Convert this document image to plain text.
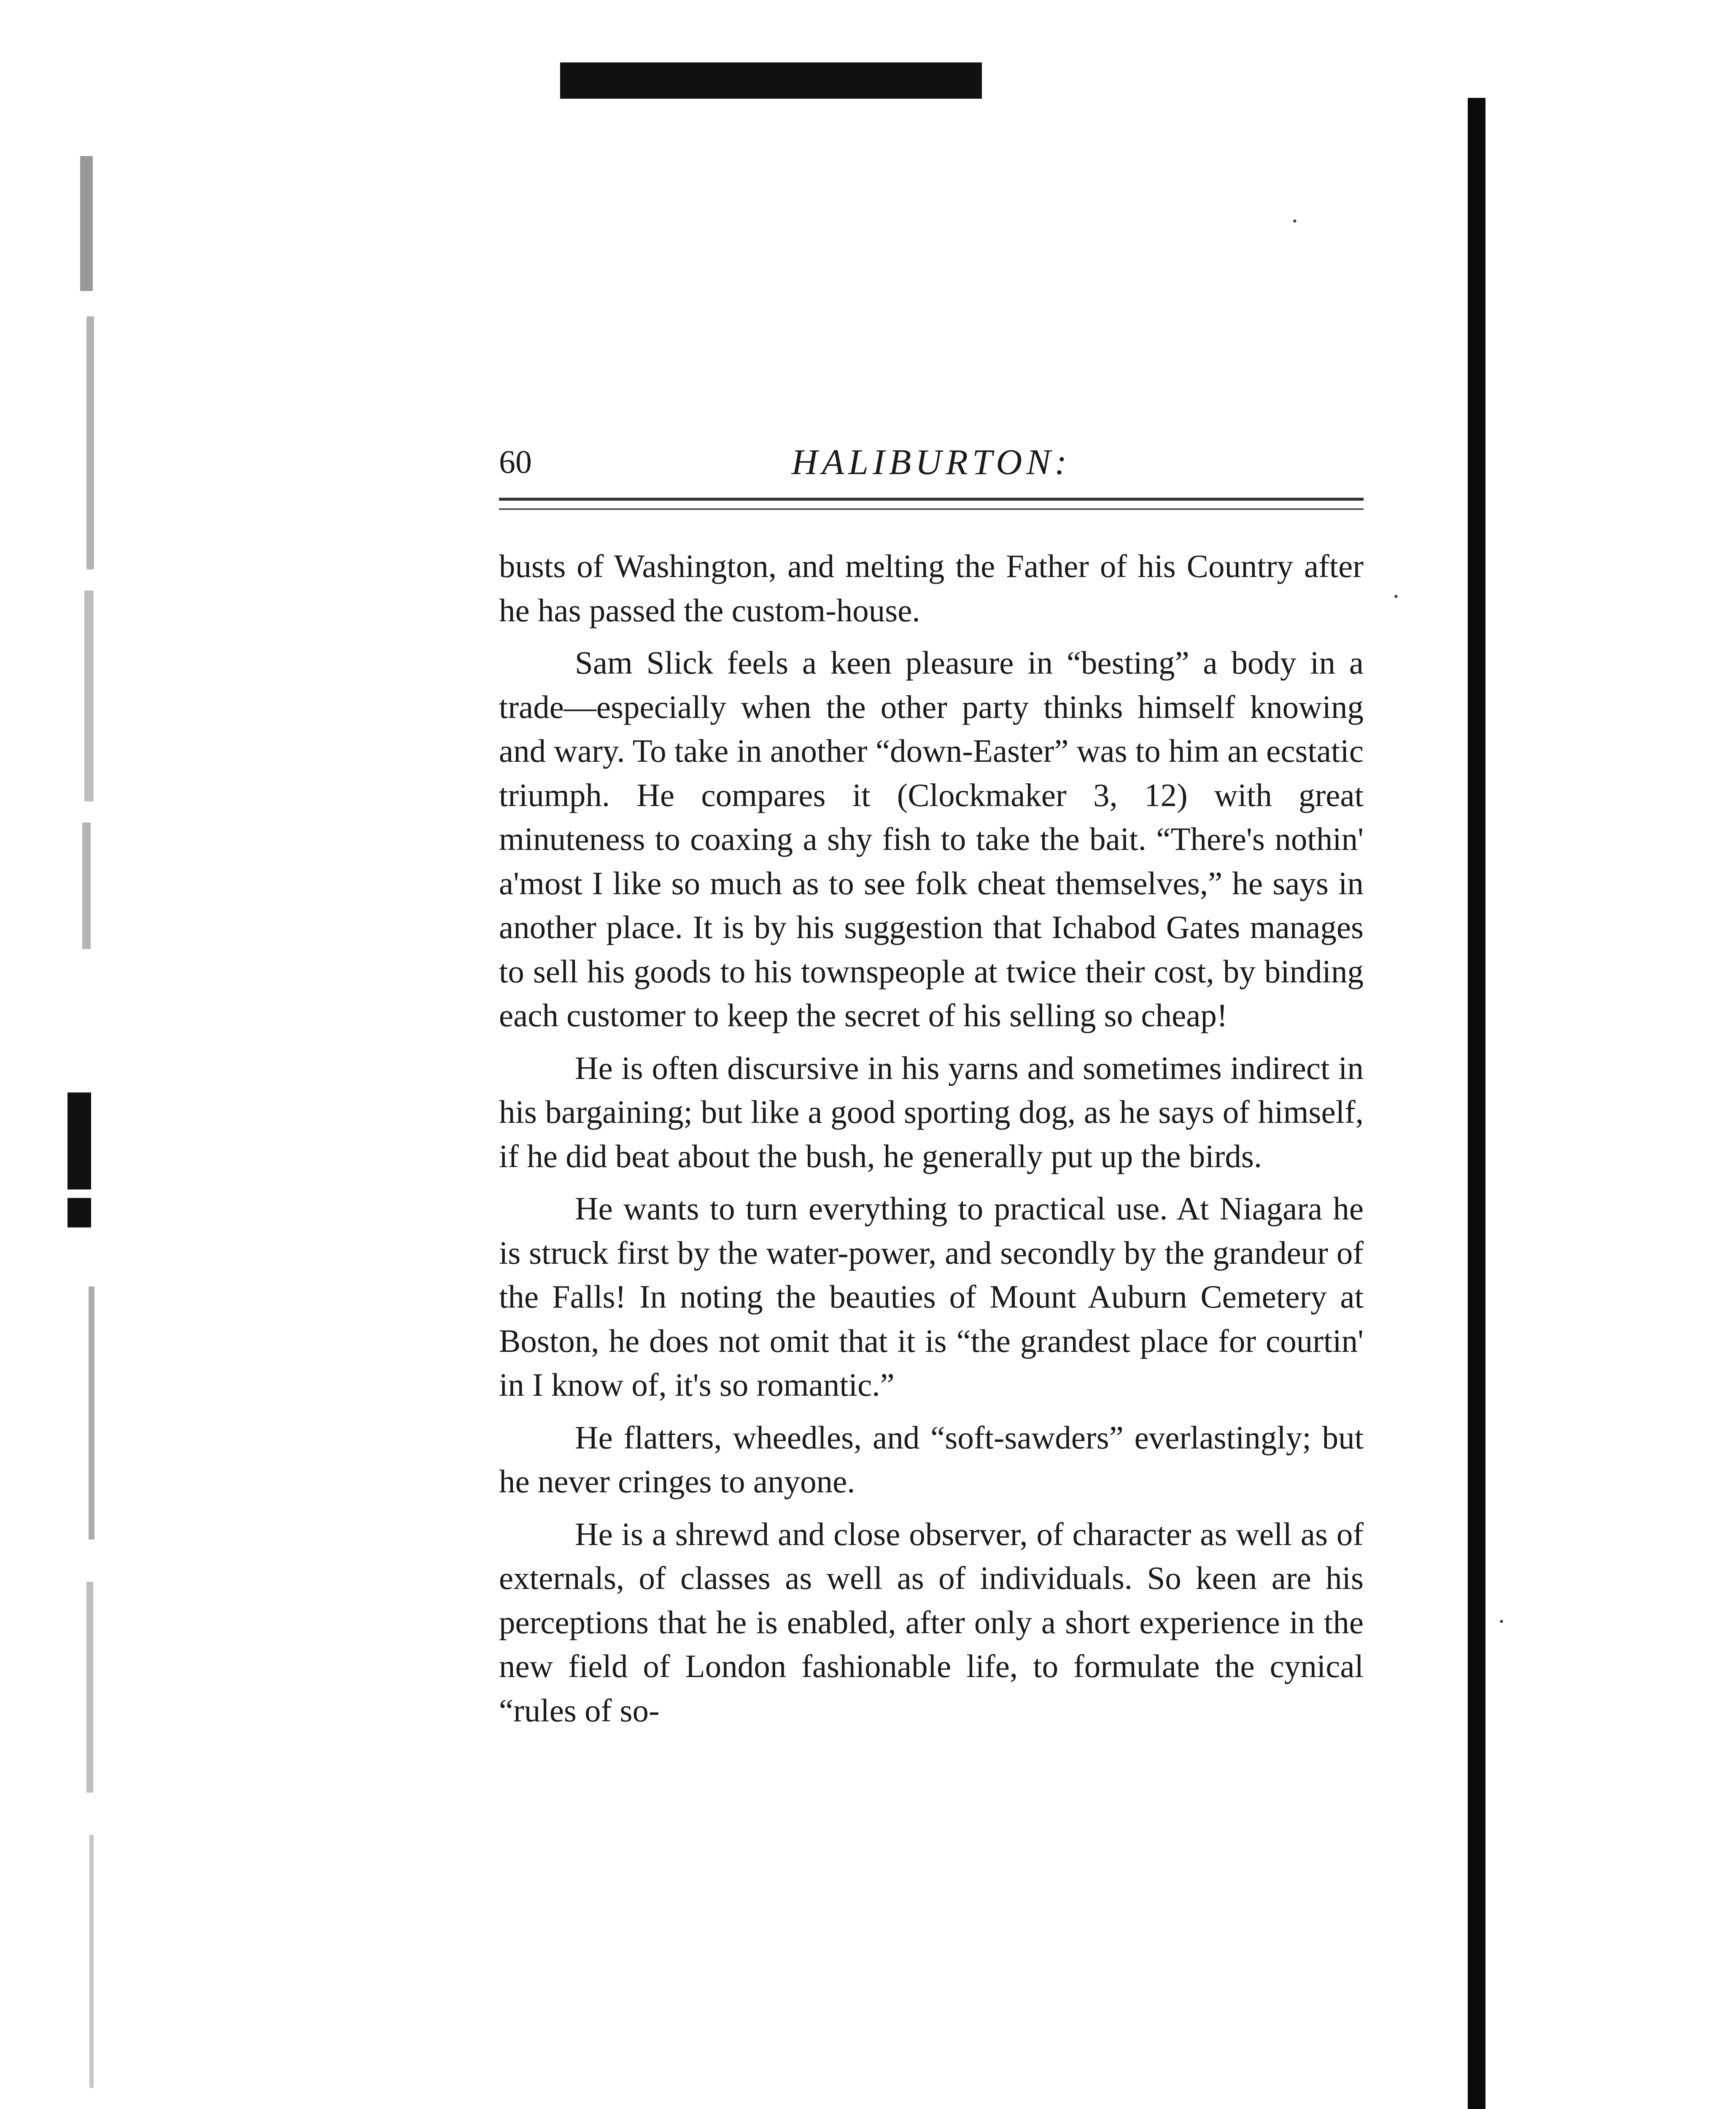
60	HALIBURTON:

busts of Washington, and melting the Father of his Country after he has passed the custom-house.

Sam Slick feels a keen pleasure in “besting” a body in a trade—especially when the other party thinks himself knowing and wary. To take in another “down-Easter” was to him an ecstatic triumph. He compares it (Clockmaker 3, 12) with great minuteness to coaxing a shy fish to take the bait. “There's nothin' a'most I like so much as to see folk cheat themselves,” he says in another place. It is by his suggestion that Ichabod Gates manages to sell his goods to his townspeople at twice their cost, by binding each customer to keep the secret of his selling so cheap!

He is often discursive in his yarns and sometimes indirect in his bargaining; but like a good sporting dog, as he says of himself, if he did beat about the bush, he generally put up the birds.

He wants to turn everything to practical use. At Niagara he is struck first by the water-power, and secondly by the grandeur of the Falls! In noting the beauties of Mount Auburn Cemetery at Boston, he does not omit that it is “the grandest place for courtin' in I know of, it's so romantic.”

He flatters, wheedles, and “soft-sawders” everlastingly; but he never cringes to anyone.

He is a shrewd and close observer, of character as well as of externals, of classes as well as of individuals. So keen are his perceptions that he is enabled, after only a short experience in the new field of London fashionable life, to formulate the cynical “rules of so-

·
·
·
